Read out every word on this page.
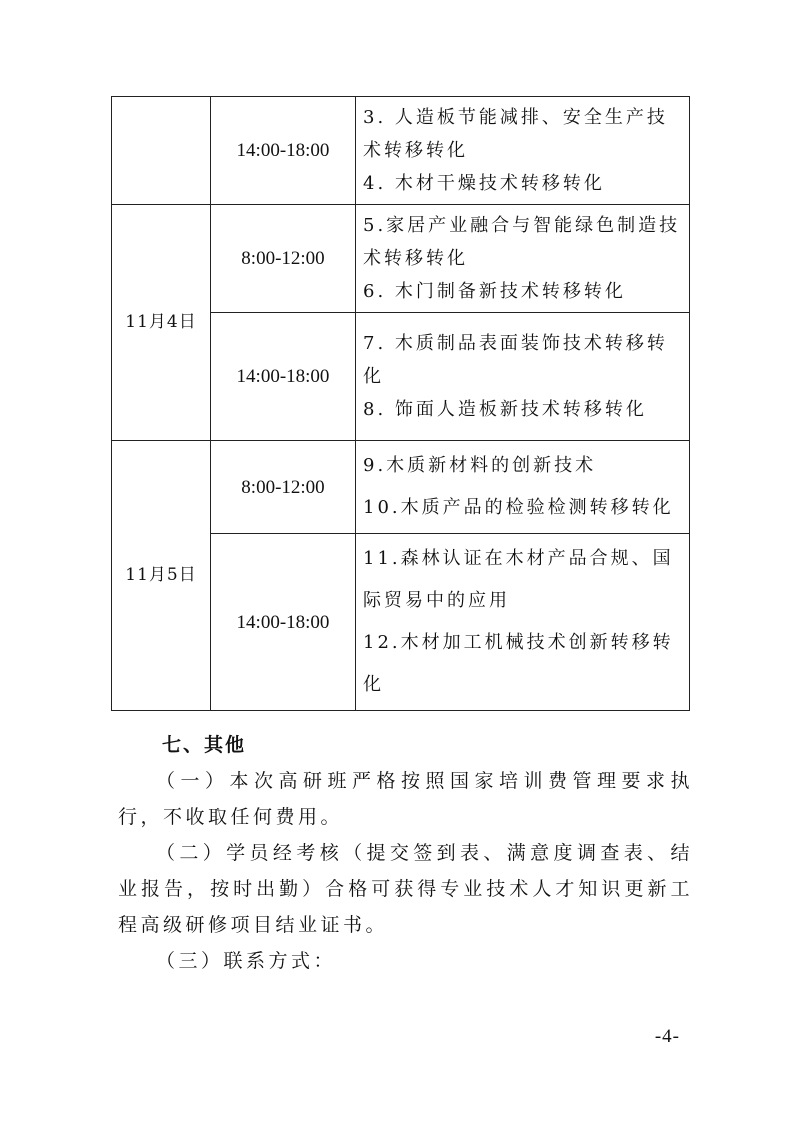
	14:00-18:00	3. 人造板节能减排、安全生产技术转移转化
4. 木材干燥技术转移转化

11月4日	8:00-12:00	5.家居产业融合与智能绿色制造技术转移转化
6. 木门制备新技术转移转化

	14:00-18:00	7. 木质制品表面装饰技术转移转化
8. 饰面人造板新技术转移转化

11月5日	8:00-12:00	9.木质新材料的创新技术
10.木质产品的检验检测转移转化

	14:00-18:00	11.森林认证在木材产品合规、国际贸易中的应用
12.木材加工机械技术创新转移转化
七、其他

（一）本次高研班严格按照国家培训费管理要求执行，不收取任何费用。

（二）学员经考核（提交签到表、满意度调查表、结业报告，按时出勤）合格可获得专业技术人才知识更新工程高级研修项目结业证书。

（三）联系方式：

-4-
